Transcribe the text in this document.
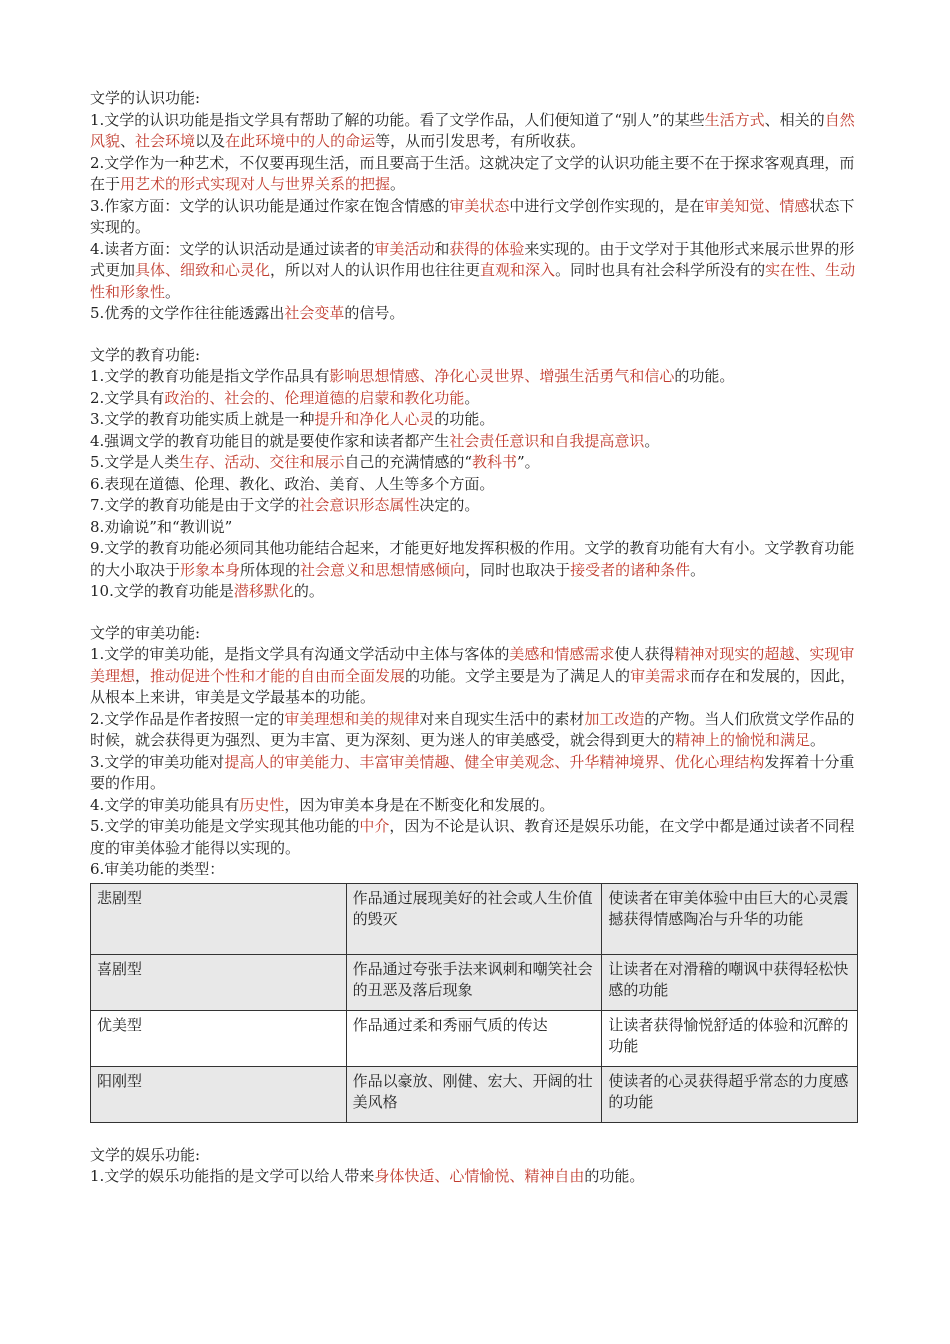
文学的认识功能:
1.文学的认识功能是指文学具有帮助了解的功能。看了文学作品，人们便知道了“别人”的某些生活方式、相关的自然风貌、社会环境以及在此环境中的人的命运等，从而引发思考，有所收获。
2.文学作为一种艺术，不仅要再现生活，而且要高于生活。这就决定了文学的认识功能主要不在于探求客观真理，而在于用艺术的形式实现对人与世界关系的把握。
3.作家方面：文学的认识功能是通过作家在饱含情感的审美状态中进行文学创作实现的，是在审美知觉、情感状态下实现的。
4.读者方面：文学的认识活动是通过读者的审美活动和获得的体验来实现的。由于文学对于其他形式来展示世界的形式更加具体、细致和心灵化，所以对人的认识作用也往往更直观和深入。同时也具有社会科学所没有的实在性、生动性和形象性。
5.优秀的文学作往往能透露出社会变革的信号。
文学的教育功能:
1.文学的教育功能是指文学作品具有影响思想情感、净化心灵世界、增强生活勇气和信心的功能。
2.文学具有政治的、社会的、伦理道德的启蒙和教化功能。
3.文学的教育功能实质上就是一种提升和净化人心灵的功能。
4.强调文学的教育功能目的就是要使作家和读者都产生社会责任意识和自我提高意识。
5.文学是人类生存、活动、交往和展示自己的充满情感的“教科书”。
6.表现在道德、伦理、教化、政治、美育、人生等多个方面。
7.文学的教育功能是由于文学的社会意识形态属性决定的。
8.劝谕说”和“教训说”
9.文学的教育功能必须同其他功能结合起来，才能更好地发挥积极的作用。文学的教育功能有大有小。文学教育功能的大小取决于形象本身所体现的社会意义和思想情感倾向，同时也取决于接受者的诸种条件。
10.文学的教育功能是潜移默化的。
文学的审美功能:
1.文学的审美功能，是指文学具有沟通文学活动中主体与客体的美感和情感需求使人获得精神对现实的超越、实现审美理想，推动促进个性和才能的自由而全面发展的功能。文学主要是为了满足人的审美需求而存在和发展的，因此，从根本上来讲，审美是文学最基本的功能。
2.文学作品是作者按照一定的审美理想和美的规律对来自现实生活中的素材加工改造的产物。当人们欣赏文学作品的时候，就会获得更为强烈、更为丰富、更为深刻、更为迷人的审美感受，就会得到更大的精神上的愉悦和满足。
3.文学的审美功能对提高人的审美能力、丰富审美情趣、健全审美观念、升华精神境界、优化心理结构发挥着十分重要的作用。
4.文学的审美功能具有历史性，因为审美本身是在不断变化和发展的。
5.文学的审美功能是文学实现其他功能的中介，因为不论是认识、教育还是娱乐功能，在文学中都是通过读者不同程度的审美体验才能得以实现的。
6.审美功能的类型：
悲剧型	作品通过展现美好的社会或人生价值的毁灭	使读者在审美体验中由巨大的心灵震撼获得情感陶冶与升华的功能
喜剧型	作品通过夸张手法来讽刺和嘲笑社会的丑恶及落后现象	让读者在对滑稽的嘲讽中获得轻松快感的功能
优美型	作品通过柔和秀丽气质的传达	让读者获得愉悦舒适的体验和沉醉的功能
阳刚型	作品以豪放、刚健、宏大、开阔的壮美风格	使读者的心灵获得超乎常态的力度感的功能
文学的娱乐功能:
1.文学的娱乐功能指的是文学可以给人带来身体快适、心情愉悦、精神自由的功能。
